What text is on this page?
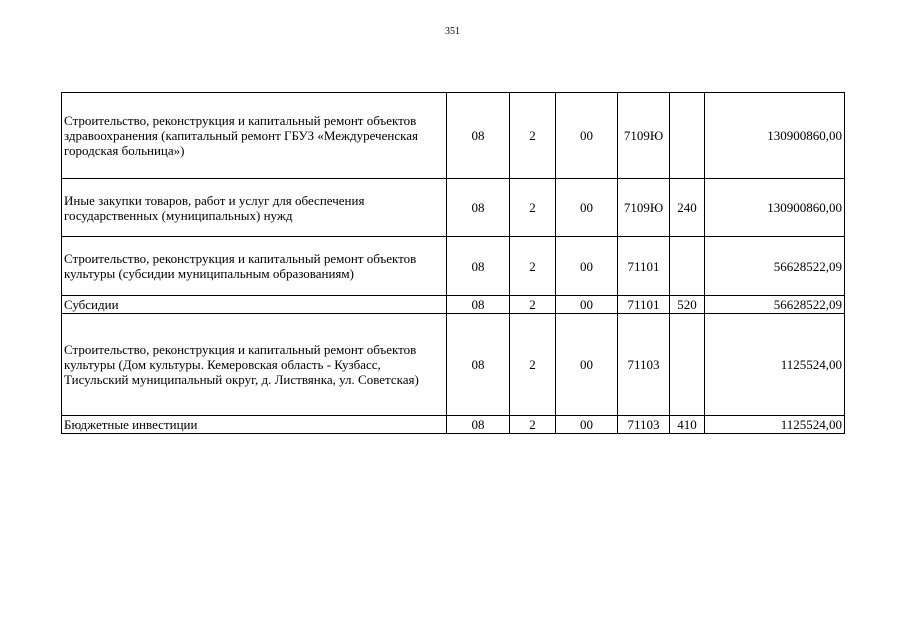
351
Строительство, реконструкция и капитальный ремонт объектов здравоохранения (капитальный ремонт ГБУЗ «Междуреченская городская больница»)	08	2	00	7109Ю		130900860,00
Иные закупки товаров, работ и услуг для обеспечения государственных (муниципальных) нужд	08	2	00	7109Ю	240	130900860,00
Строительство, реконструкция и капитальный ремонт объектов культуры (субсидии муниципальным образованиям)	08	2	00	71101		56628522,09
Субсидии	08	2	00	71101	520	56628522,09
Строительство, реконструкция и капитальный ремонт объектов культуры (Дом культуры. Кемеровская область - Кузбасс, Тисульский муниципальный округ, д. Листвянка, ул. Советская)	08	2	00	71103		1125524,00
Бюджетные инвестиции	08	2	00	71103	410	1125524,00
